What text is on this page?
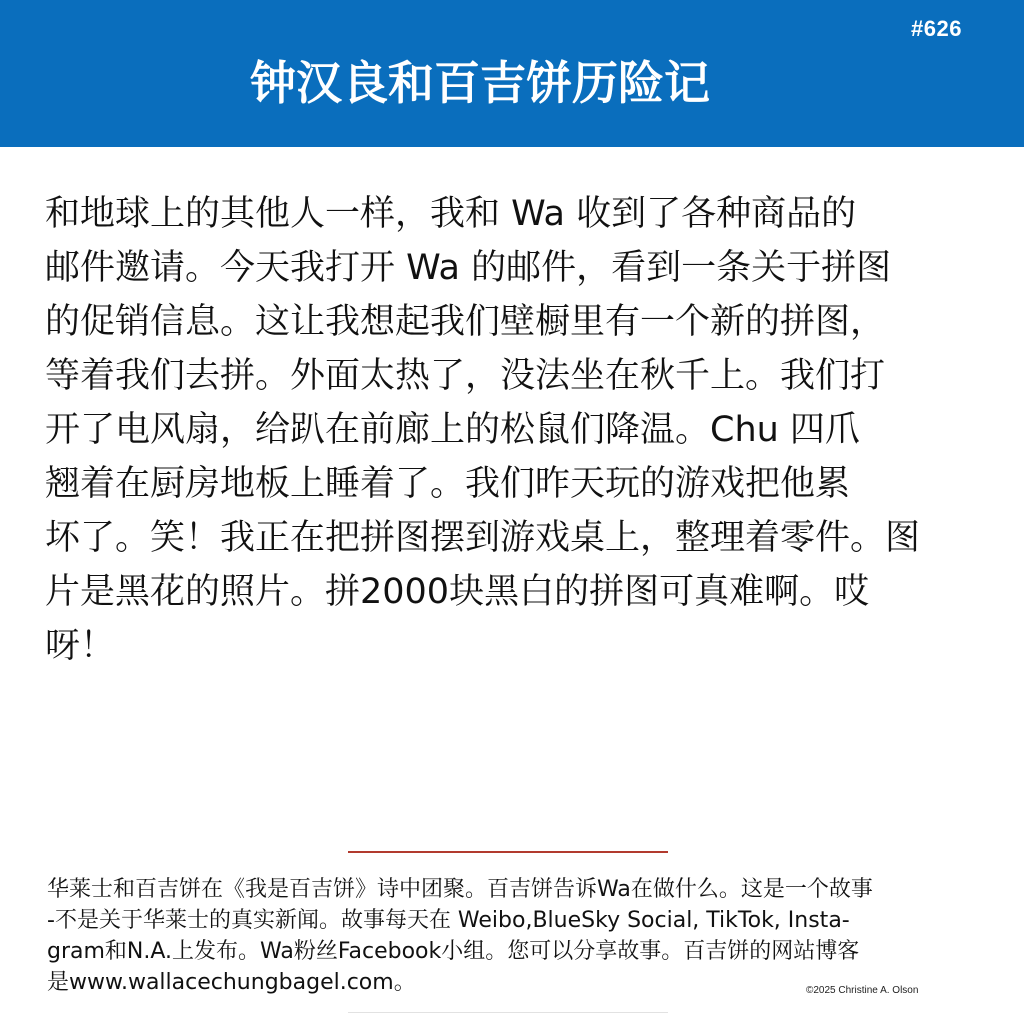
#626
钟汉良和百吉饼历险记
和地球上的其他人一样，我和 Wa 收到了各种商品的
邮件邀请。今天我打开 Wa 的邮件，看到一条关于拼图
的促销信息。这让我想起我们壁橱里有一个新的拼图，
等着我们去拼。外面太热了，没法坐在秋千上。我们打
开了电风扇，给趴在前廊上的松鼠们降温。Chu 四爪
翘着在厨房地板上睡着了。我们昨天玩的游戏把他累
坏了。笑！我正在把拼图摆到游戏桌上，整理着零件。图
片是黑花的照片。拼2000块黑白的拼图可真难啊。哎
呀！
华莱士和百吉饼在《我是百吉饼》诗中团聚。百吉饼告诉Wa在做什么。这是一个故事
-不是关于华莱士的真实新闻。故事每天在 Weibo,BlueSky Social, TikTok, Insta-
gram和N.A.上发布。Wa粉丝Facebook小组。您可以分享故事。百吉饼的网站博客
是www.wallacechungbagel.com。	©2025 Christine A. Olson
